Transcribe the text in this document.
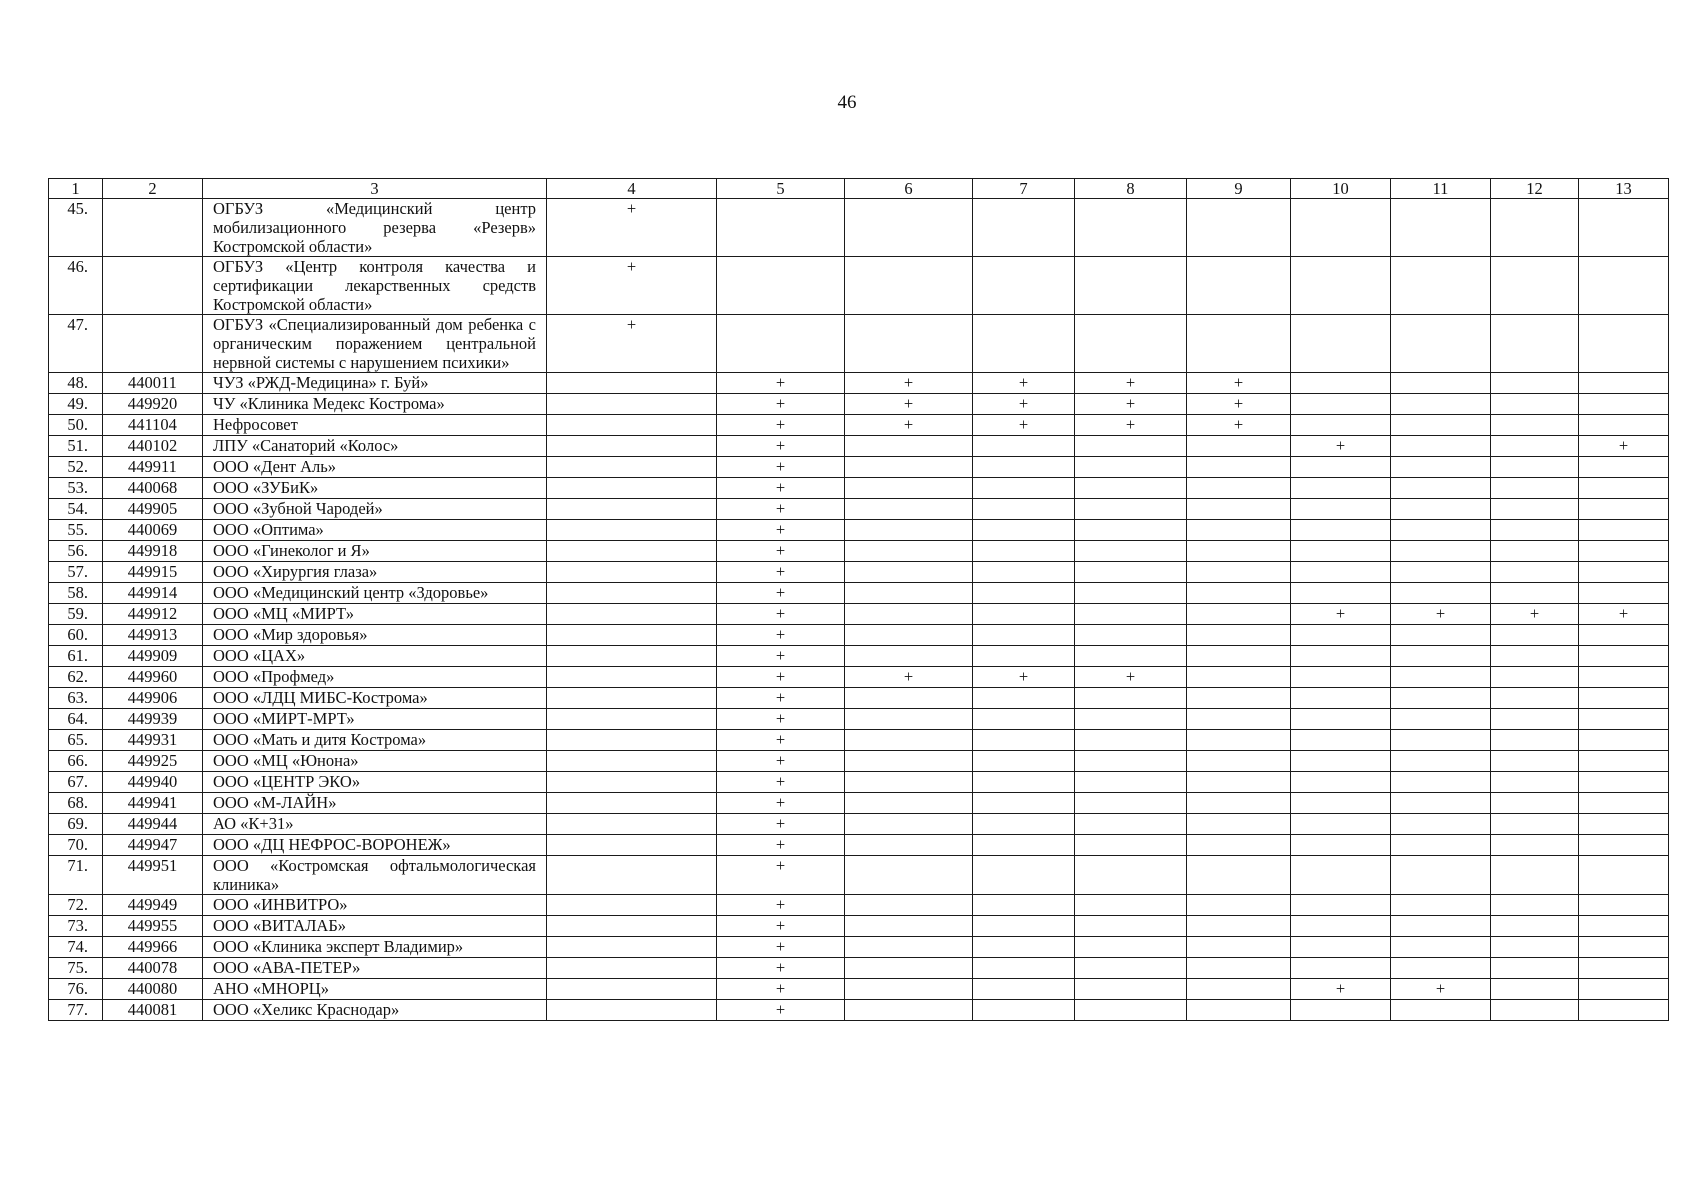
46
1	2	3	4	5	6	7	8	9	10	11	12	13
45.		ОГБУЗ «Медицинский центр мобилизационного резерва «Резерв» Костромской области»	+									
46.		ОГБУЗ «Центр контроля качества и сертификации лекарственных средств Костромской области»	+									
47.		ОГБУЗ «Специализированный дом ребенка с органическим поражением центральной нервной системы с нарушением психики»	+									
48.	440011	ЧУЗ «РЖД-Медицина» г. Буй»		+	+	+	+	+				
49.	449920	ЧУ «Клиника Медекс Кострома»		+	+	+	+	+				
50.	441104	Нефросовет		+	+	+	+	+				
51.	440102	ЛПУ «Санаторий «Колос»		+					+			+
52.	449911	ООО «Дент Аль»		+								
53.	440068	ООО «ЗУБиК»		+								
54.	449905	ООО «Зубной Чародей»		+								
55.	440069	ООО «Оптима»		+								
56.	449918	ООО «Гинеколог и Я»		+								
57.	449915	ООО «Хирургия глаза»		+								
58.	449914	ООО «Медицинский центр «Здоровье»		+								
59.	449912	ООО «МЦ «МИРТ»		+					+	+	+	+
60.	449913	ООО «Мир здоровья»		+								
61.	449909	ООО «ЦАХ»		+								
62.	449960	ООО «Профмед»		+	+	+	+					
63.	449906	ООО «ЛДЦ МИБС-Кострома»		+								
64.	449939	ООО «МИРТ-МРТ»		+								
65.	449931	ООО «Мать и дитя Кострома»		+								
66.	449925	ООО «МЦ «Юнона»		+								
67.	449940	ООО «ЦЕНТР ЭКО»		+								
68.	449941	ООО «М-ЛАЙН»		+								
69.	449944	АО «К+31»		+								
70.	449947	ООО «ДЦ НЕФРОС-ВОРОНЕЖ»		+								
71.	449951	ООО «Костромская офтальмологическая клиника»		+								
72.	449949	ООО «ИНВИТРО»		+								
73.	449955	ООО «ВИТАЛАБ»		+								
74.	449966	ООО «Клиника эксперт Владимир»		+								
75.	440078	ООО «АВА-ПЕТЕР»		+								
76.	440080	АНО «МНОРЦ»		+					+	+		
77.	440081	ООО «Хеликс Краснодар»		+								
